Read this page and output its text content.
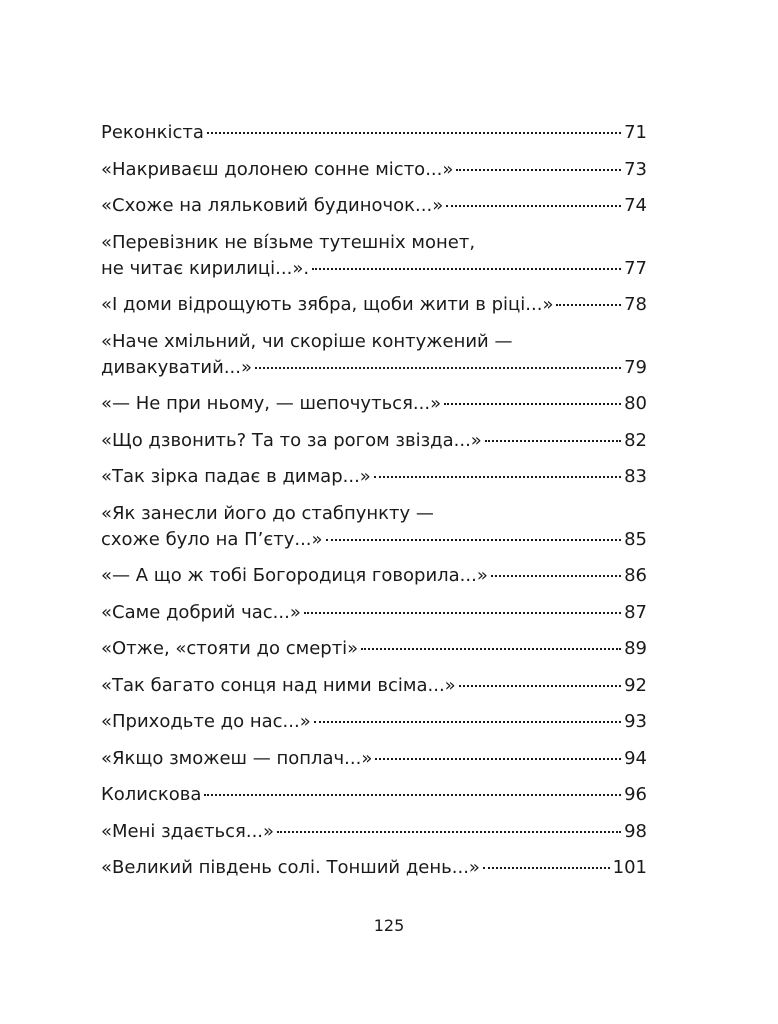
Реконкіста	71
«Накриваєш долонею сонне місто...»	73
«Схоже на ляльковий будиночок...»	74
«Перевізник не ві́зьме тутешніх монет,
не читає кирилиці...».	77
«І доми відрощують зябра, щоби жити в ріці...»	78
«Наче хмільний, чи скоріше контужений —
дивакуватий...»	79
«— Не при ньому, — шепочуться...»	80
«Що дзвонить? Та то за рогом звізда...»	82
«Так зірка падає в димар...»	83
«Як занесли його до стабпункту —
схоже було на П’єту...»	85
«— А що ж тобі Богородиця говорила...»	86
«Саме добрий час...»	87
«Отже, «стояти до смерті»	89
«Так багато сонця над ними всіма...»	92
«Приходьте до нас...»	93
«Якщо зможеш — поплач...»	94
Колискова	96
«Мені здається...»	98
«Великий південь солі. Тонший день...»	101
125
